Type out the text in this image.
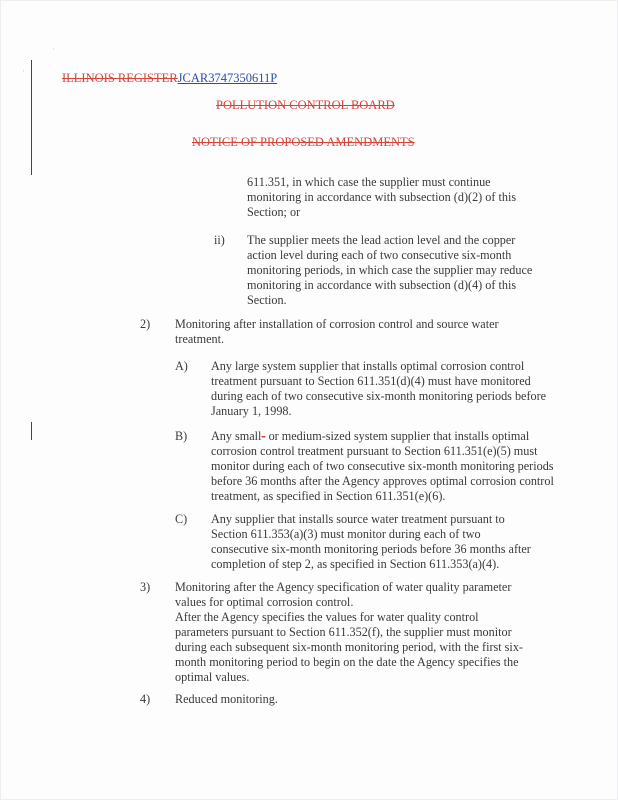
·
·	ILLINOIS REGISTERJCAR3747350611P
POLLUTION CONTROL BOARD
NOTICE OF PROPOSED AMENDMENTS
611.351, in which case the supplier must continue monitoring in accordance with subsection (d)(2) of this Section; or
ii) The supplier meets the lead action level and the copper action level during each of two consecutive six-month monitoring periods, in which case the supplier may reduce monitoring in accordance with subsection (d)(4) of this Section.
2) Monitoring after installation of corrosion control and source water treatment.
A) Any large system supplier that installs optimal corrosion control treatment pursuant to Section 611.351(d)(4) must have monitored during each of two consecutive six-month monitoring periods before January 1, 1998.
B) Any small- or medium-sized system supplier that installs optimal corrosion control treatment pursuant to Section 611.351(e)(5) must monitor during each of two consecutive six-month monitoring periods before 36 months after the Agency approves optimal corrosion control treatment, as specified in Section 611.351(e)(6).
C) Any supplier that installs source water treatment pursuant to Section 611.353(a)(3) must monitor during each of two consecutive six-month monitoring periods before 36 months after completion of step 2, as specified in Section 611.353(a)(4).
3) Monitoring after the Agency specification of water quality parameter values for optimal corrosion control.
After the Agency specifies the values for water quality control parameters pursuant to Section 611.352(f), the supplier must monitor during each subsequent six-month monitoring period, with the first six-month monitoring period to begin on the date the Agency specifies the optimal values.
4) Reduced monitoring.
